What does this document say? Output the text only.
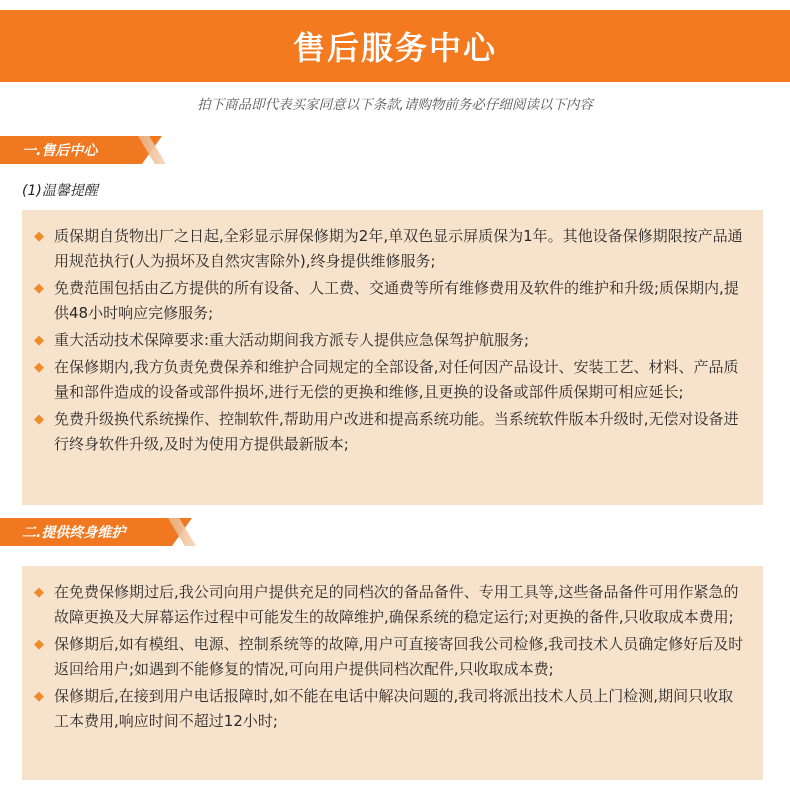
售后服务中心
拍下商品即代表买家同意以下条款,请购物前务必仔细阅读以下内容
一.售后中心
(1)温馨提醒
◆ 质保期自货物出厂之日起,全彩显示屏保修期为2年,单双色显示屏质保为1年。其他设备保修期限按产品通用规范执行(人为损坏及自然灾害除外),终身提供维修服务;
◆ 免费范围包括由乙方提供的所有设备、人工费、交通费等所有维修费用及软件的维护和升级;质保期内,提供48小时响应完修服务;
◆ 重大活动技术保障要求:重大活动期间我方派专人提供应急保驾护航服务;
◆ 在保修期内,我方负责免费保养和维护合同规定的全部设备,对任何因产品设计、安装工艺、材料、产品质量和部件造成的设备或部件损坏,进行无偿的更换和维修,且更换的设备或部件质保期可相应延长;
◆ 免费升级换代系统操作、控制软件,帮助用户改进和提高系统功能。当系统软件版本升级时,无偿对设备进行终身软件升级,及时为使用方提供最新版本;
二.提供终身维护
◆ 在免费保修期过后,我公司向用户提供充足的同档次的备品备件、专用工具等,这些备品备件可用作紧急的故障更换及大屏幕运作过程中可能发生的故障维护,确保系统的稳定运行;对更换的备件,只收取成本费用;
◆ 保修期后,如有模组、电源、控制系统等的故障,用户可直接寄回我公司检修,我司技术人员确定修好后及时返回给用户;如遇到不能修复的情况,可向用户提供同档次配件,只收取成本费;
◆ 保修期后,在接到用户电话报障时,如不能在电话中解决问题的,我司将派出技术人员上门检测,期间只收取工本费用,响应时间不超过12小时;
